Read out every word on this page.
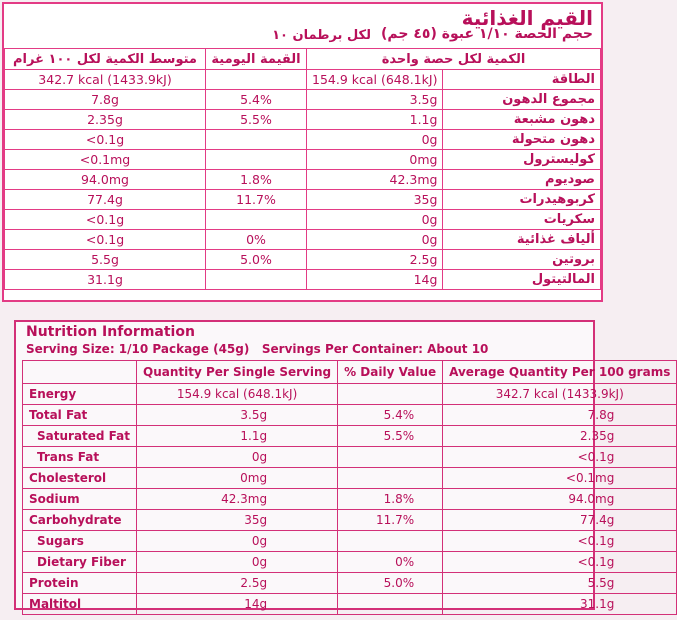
القيم الغذائية
حجم الحصة ١/١٠ عبوة (٤٥ جم)
لكل برطمان ١٠
متوسط الكمية لكل ١٠٠ غرام	القيمة اليومية	الكمية لكل حصة واحدة	
342.7 kcal (1433.9kJ)		154.9 kcal (648.1kJ)	الطاقة
7.8g	5.4%	3.5g	مجموع الدهون
2.35g	5.5%	1.1g	دهون مشبعة
<0.1g		0g	دهون متحولة
<0.1mg		0mg	كوليسترول
94.0mg	1.8%	42.3mg	صوديوم
77.4g	11.7%	35g	كربوهيدرات
<0.1g		0g	سكريات
<0.1g	0%	0g	ألياف غذائية
5.5g	5.0%	2.5g	بروتين
31.1g		14g	المالتيتول
Nutrition Information
Serving Size: 1/10 Package (45g) Servings Per Container: About 10
	Quantity Per Single Serving	% Daily Value	Average Quantity Per 100 grams
Energy	154.9 kcal (648.1kJ)		342.7 kcal (1433.9kJ)
Total Fat	3.5g	5.4%	7.8g
Saturated Fat	1.1g	5.5%	2.35g
Trans Fat	0g		<0.1g
Cholesterol	0mg		<0.1mg
Sodium	42.3mg	1.8%	94.0mg
Carbohydrate	35g	11.7%	77.4g
Sugars	0g		<0.1g
Dietary Fiber	0g	0%	<0.1g
Protein	2.5g	5.0%	5.5g
Maltitol	14g		31.1g
